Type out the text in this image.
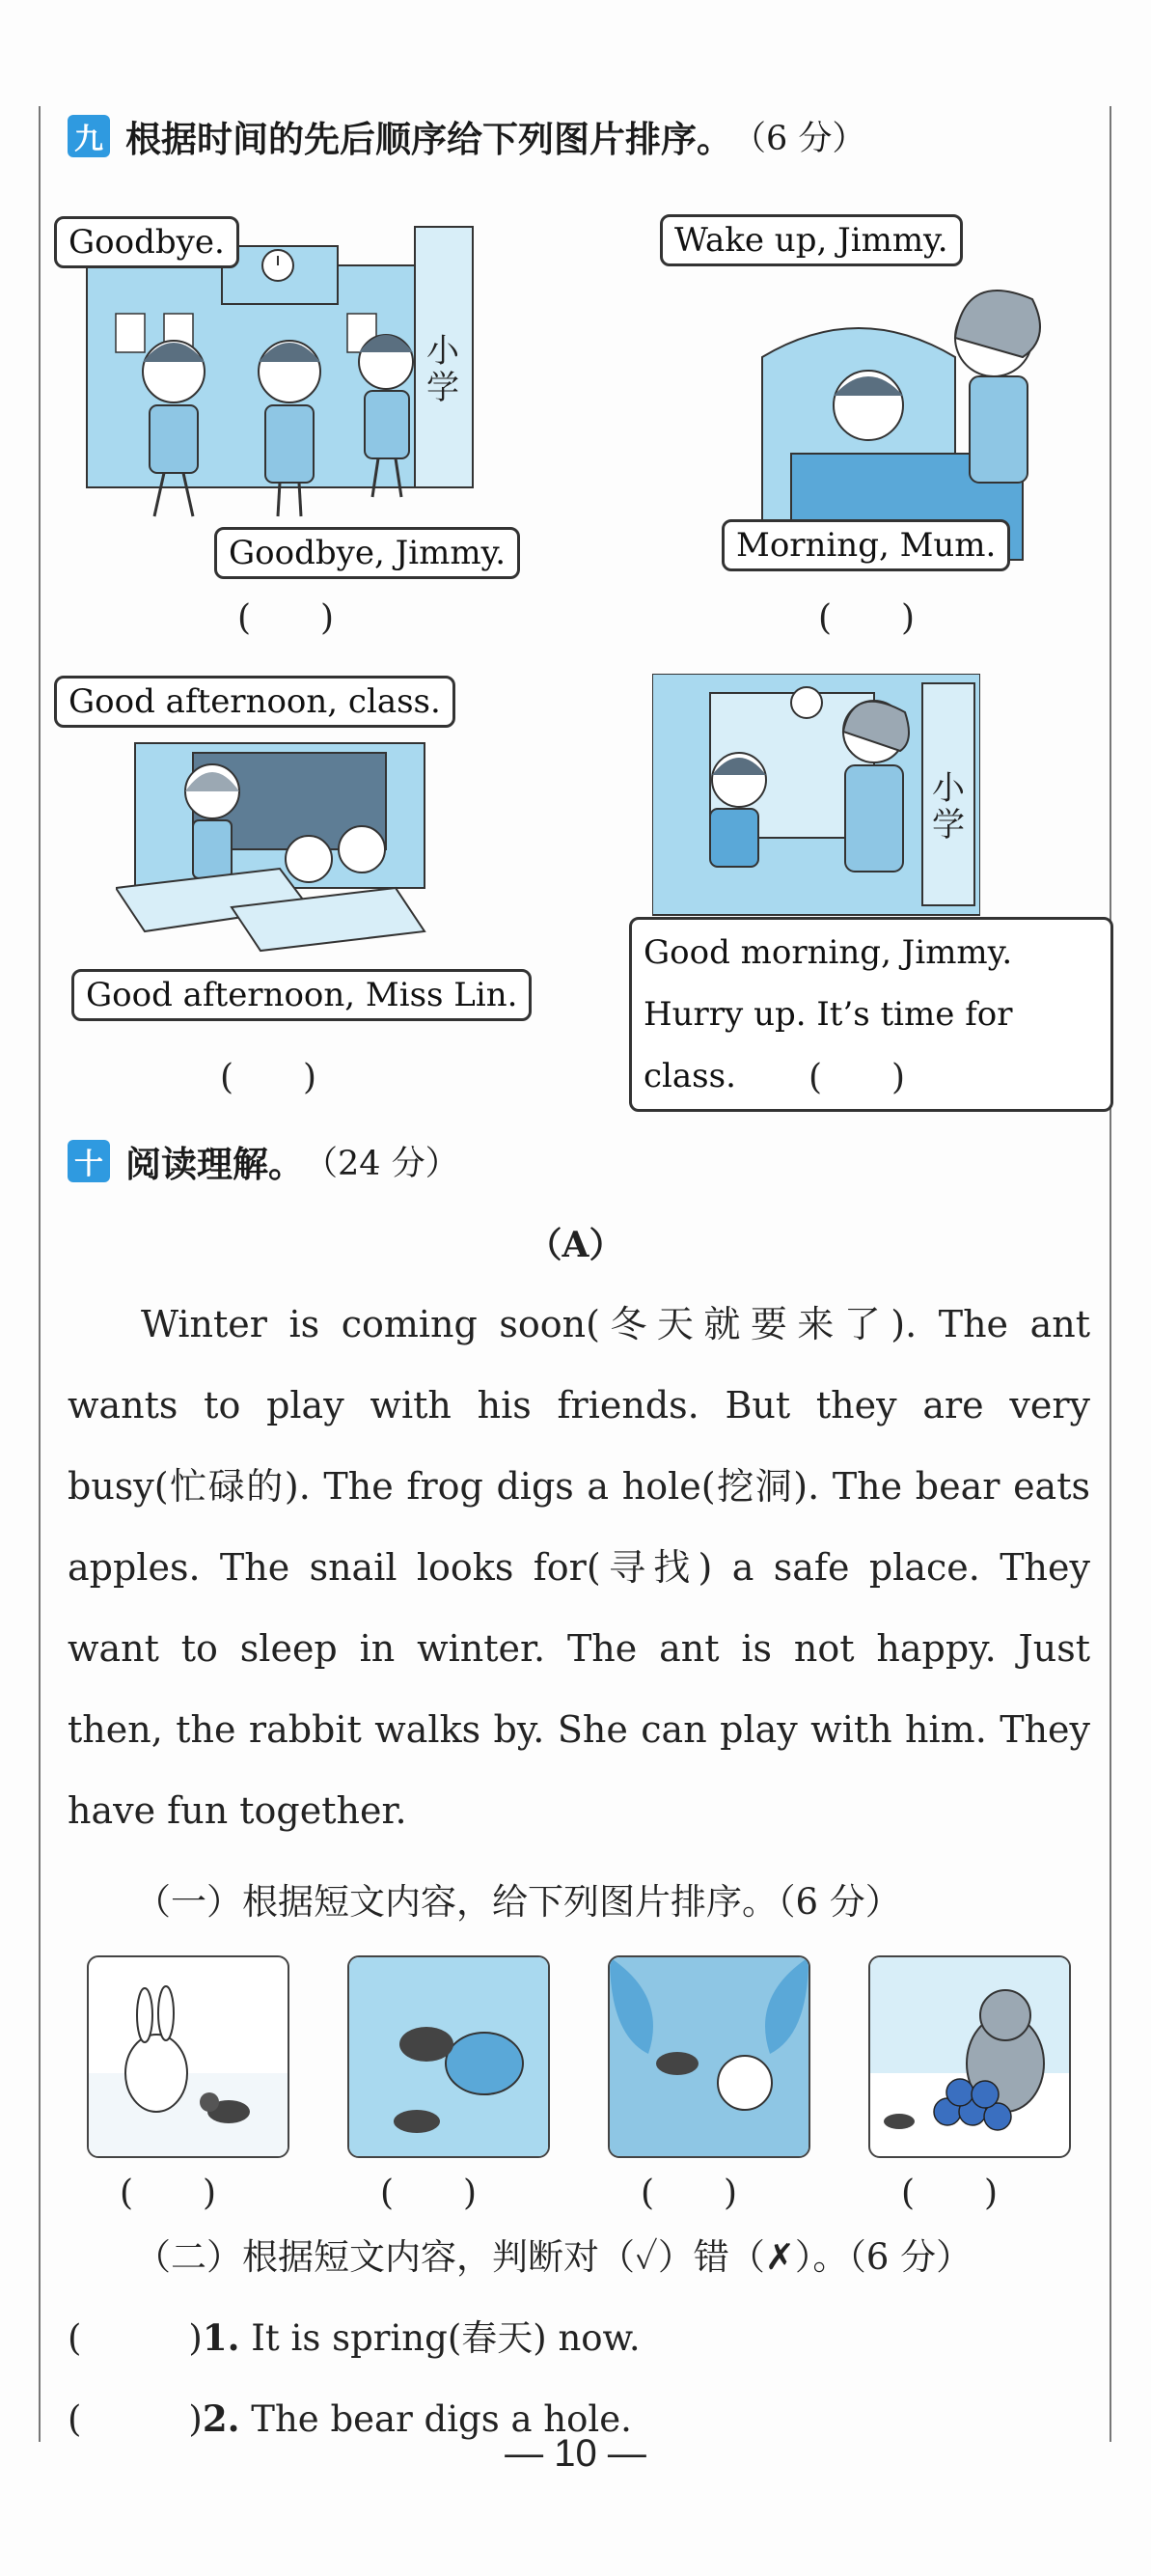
九 根据时间的先后顺序给下列图片排序。 （6 分）
小学
Goodbye.
Goodbye, Jimmy.
(　　)
Wake up, Jimmy.
Morning, Mum.
(　　)
Good afternoon, class.
Good afternoon, Miss Lin.
(　　)
小学
Good morning, Jimmy.
Hurry up. It’s time for class.	(　　)
十 阅读理解。 （24 分）
（A）
Winter is coming soon(冬天就要来了). The ant wants to play with his friends. But they are very busy(忙碌的). The frog digs a hole(挖洞). The bear eats apples. The snail looks for(寻找) a safe place. They want to sleep in winter. The ant is not happy. Just then, the rabbit walks by. She can play with him. They have fun together.
（一）根据短文内容，给下列图片排序。（6 分）
(　　)	(　　)	(　　)	(　　)
（二）根据短文内容，判断对（✓）错（✗）。（6 分）
(　　　)1. It is spring(春天) now.
(　　　)2. The bear digs a hole.
— 10 —
